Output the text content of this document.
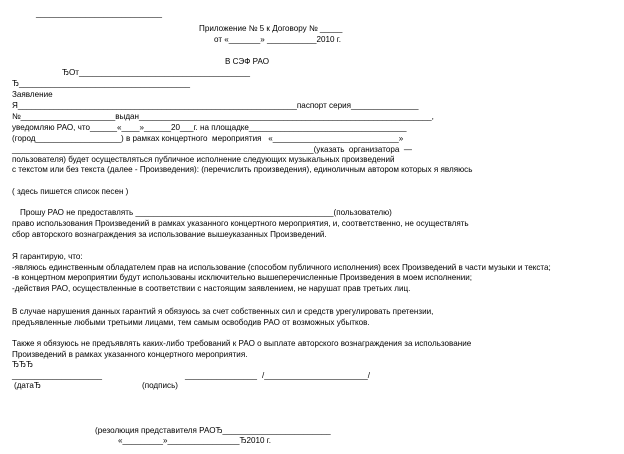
____________________________
Приложение № 5 к Договору № _____
от «_______» ___________2010 г.
В СЭФ РАО
ЂОт______________________________________
Ђ______________________________________
Заявление
Я______________________________________________________________паспорт серия_______________
№_____________________выдан_________________________________________________________________,
уведомляю РАО, что______«____»______20___г. на площадке___________________________________
(город___________________) в рамках концертного  мероприятия   «____________________________»
___________________________________________________________________(указать  организатора  —
пользователя) будет осуществляться публичное исполнение следующих музыкальных произведений
с текстом или без текста (далее - Произведения): (перечислить произведения), единоличным автором которых я являюсь
( здесь пишется список песен )
Прошу РАО не предоставлять ____________________________________________(пользователю)
право использования Произведений в рамках указанного концертного мероприятия, и, соответственно, не осуществлять
сбор авторского вознаграждения за использование вышеуказанных Произведений.
Я гарантирую, что:
-являюсь единственным обладателем прав на использование (способом публичного исполнения) всех Произведений в части музыки и текста;
-в концертном мероприятии будут использованы исключительно вышеперечисленные Произведения в моем исполнении;
-действия РАО, осуществленные в соответствии с настоящим заявлением, не нарушат прав третьих лиц.
В случае нарушения данных гарантий я обязуюсь за счет собственных сил и средств урегулировать претензии,
предъявленные любыми третьими лицами, тем самым освободив РАО от возможных убытков.
Также я обязуюсь не предъявлять каких-либо требований к РАО о выплате авторского вознаграждения за использование
Произведений в рамках указанного концертного мероприятия.
ЂЂЂ
____________________	________________ /_______________________/
(датаЂ	(подпись)
(резолюция представителя РАОЂ________________________
«_________»________________Ђ2010 г.
